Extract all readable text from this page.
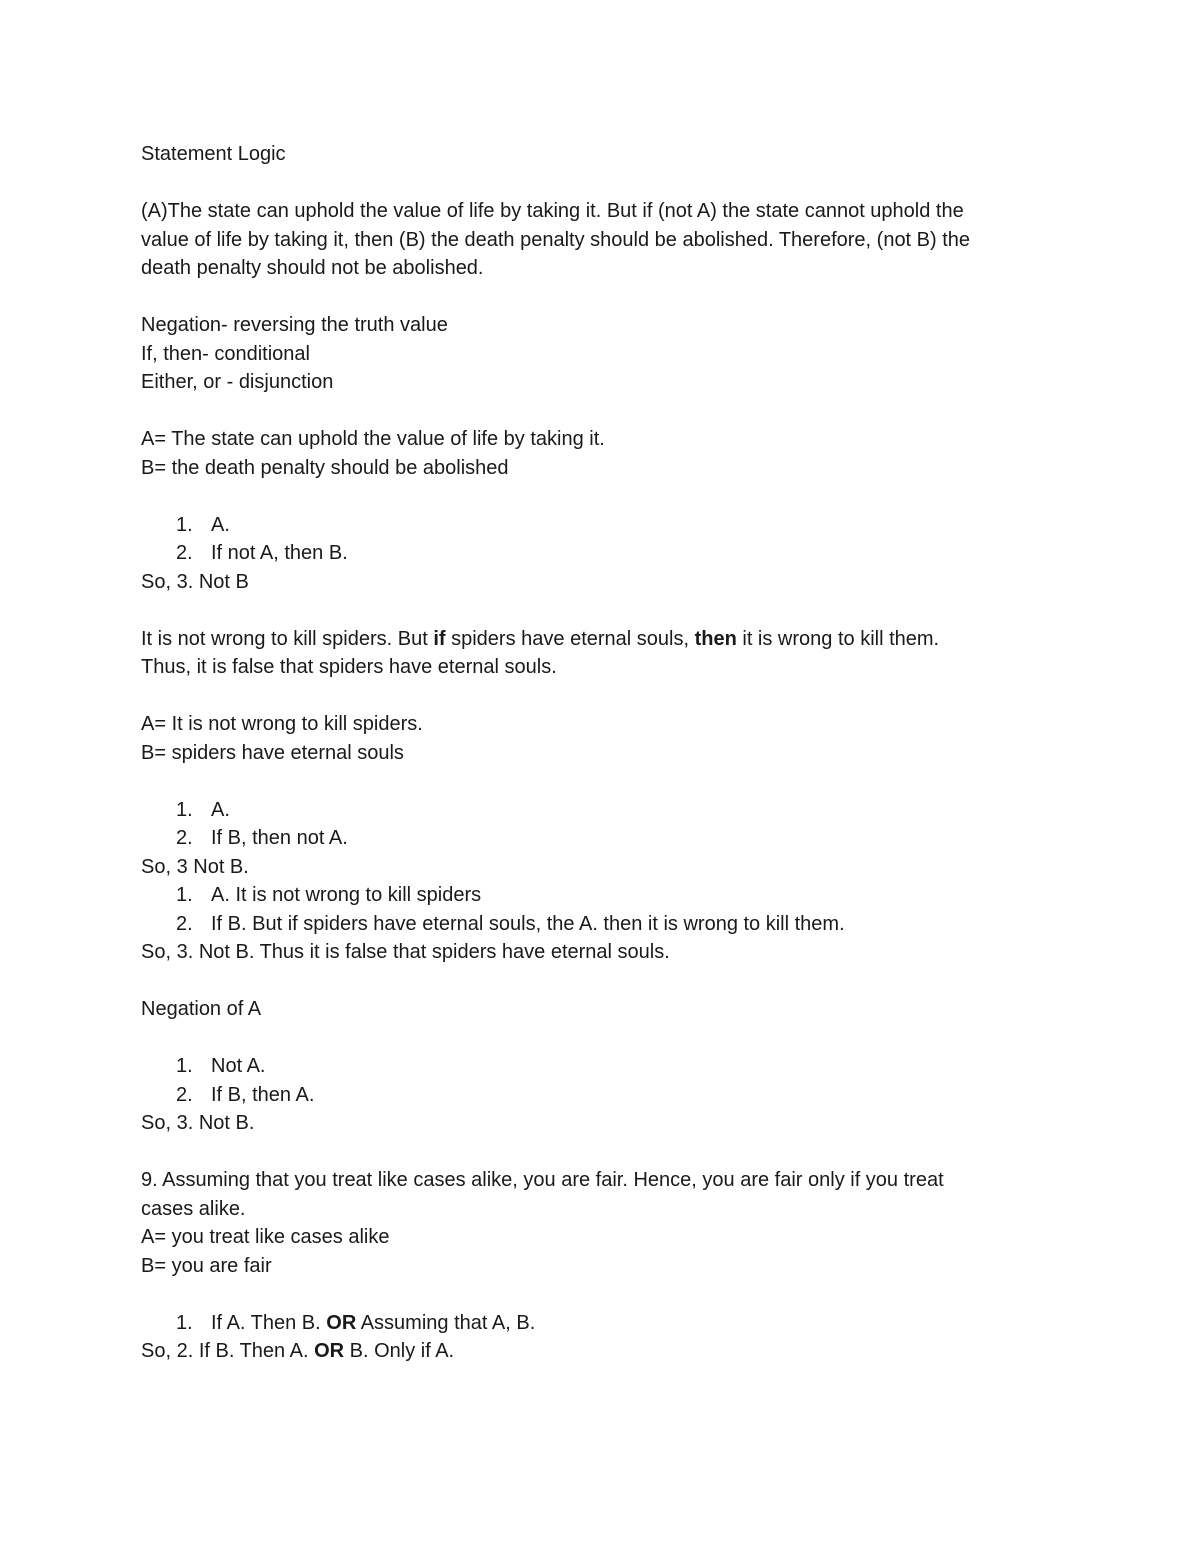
Statement Logic

(A)The state can uphold the value of life by taking it. But if (not A) the state cannot uphold the

value of life by taking it, then (B) the death penalty should be abolished. Therefore, (not B) the

death penalty should not be abolished.

Negation- reversing the truth value

If, then- conditional

Either, or - disjunction

A= The state can uphold the value of life by taking it.

B= the death penalty should be abolished

1. A.

2. If not A, then B.

So, 3. Not B

It is not wrong to kill spiders. But if spiders have eternal souls, then it is wrong to kill them.

Thus, it is false that spiders have eternal souls.

A= It is not wrong to kill spiders.

B= spiders have eternal souls

1. A.

2. If B, then not A.

So, 3 Not B.

1. A. It is not wrong to kill spiders

2. If B. But if spiders have eternal souls, the A. then it is wrong to kill them.

So, 3. Not B. Thus it is false that spiders have eternal souls.

Negation of A

1. Not A.

2. If B, then A.

So, 3. Not B.

9. Assuming that you treat like cases alike, you are fair. Hence, you are fair only if you treat

cases alike.

A= you treat like cases alike

B= you are fair

1. If A. Then B. OR Assuming that A, B.

So, 2. If B. Then A. OR B. Only if A.
